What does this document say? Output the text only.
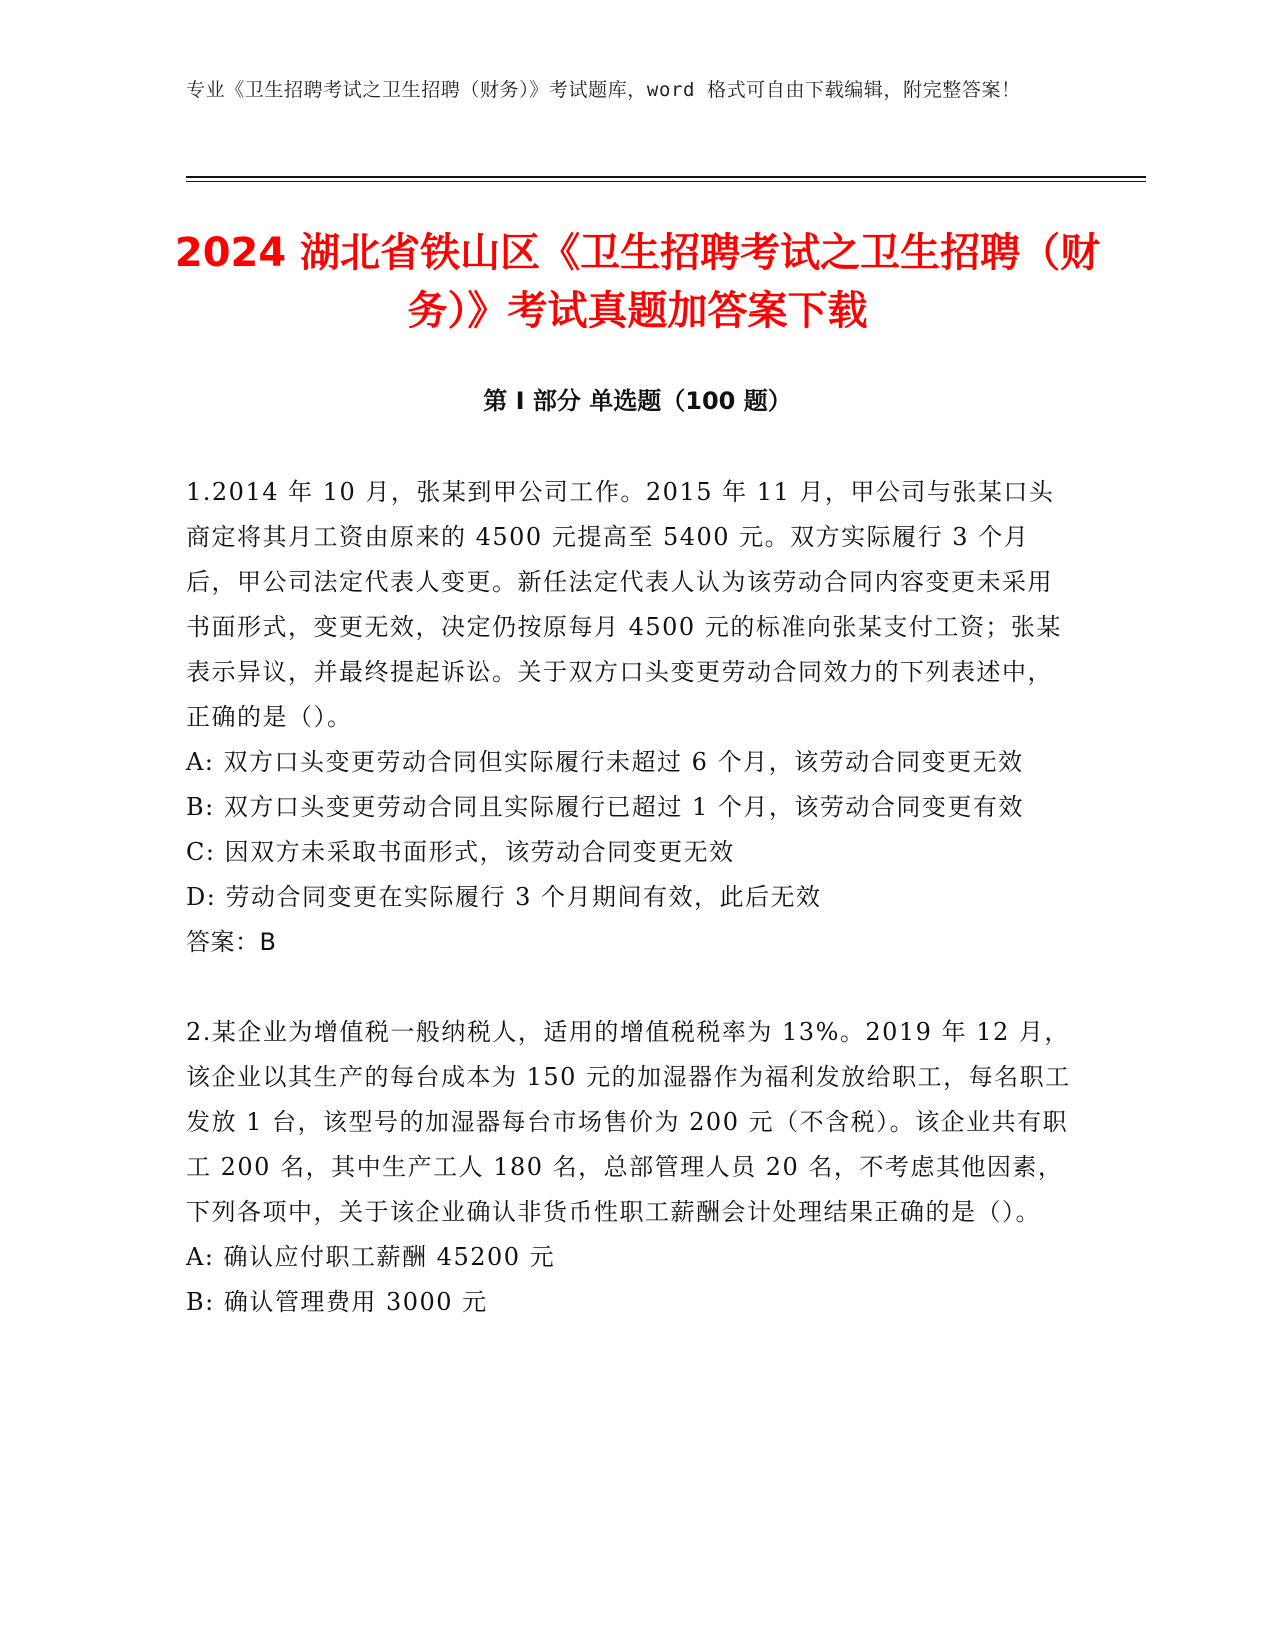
专业《卫生招聘考试之卫生招聘（财务）》考试题库，word 格式可自由下载编辑，附完整答案！
2024 湖北省铁山区《卫生招聘考试之卫生招聘（财务）》考试真题加答案下载
第 I 部分 单选题（100 题）

1.2014 年 10 月，张某到甲公司工作。2015 年 11 月，甲公司与张某口头商定将其月工资由原来的 4500 元提高至 5400 元。双方实际履行 3 个月后，甲公司法定代表人变更。新任法定代表人认为该劳动合同内容变更未采用书面形式，变更无效，决定仍按原每月 4500 元的标准向张某支付工资；张某表示异议，并最终提起诉讼。关于双方口头变更劳动合同效力的下列表述中，正确的是（）。

A: 双方口头变更劳动合同但实际履行未超过 6 个月，该劳动合同变更无效

B: 双方口头变更劳动合同且实际履行已超过 1 个月，该劳动合同变更有效

C: 因双方未采取书面形式，该劳动合同变更无效

D: 劳动合同变更在实际履行 3 个月期间有效，此后无效

答案：B

2.某企业为增值税一般纳税人，适用的增值税税率为 13%。2019 年 12 月，该企业以其生产的每台成本为 150 元的加湿器作为福利发放给职工，每名职工发放 1 台，该型号的加湿器每台市场售价为 200 元（不含税）。该企业共有职工 200 名，其中生产工人 180 名，总部管理人员 20 名，不考虑其他因素，下列各项中，关于该企业确认非货币性职工薪酬会计处理结果正确的是（）。

A: 确认应付职工薪酬 45200 元

B: 确认管理费用 3000 元
